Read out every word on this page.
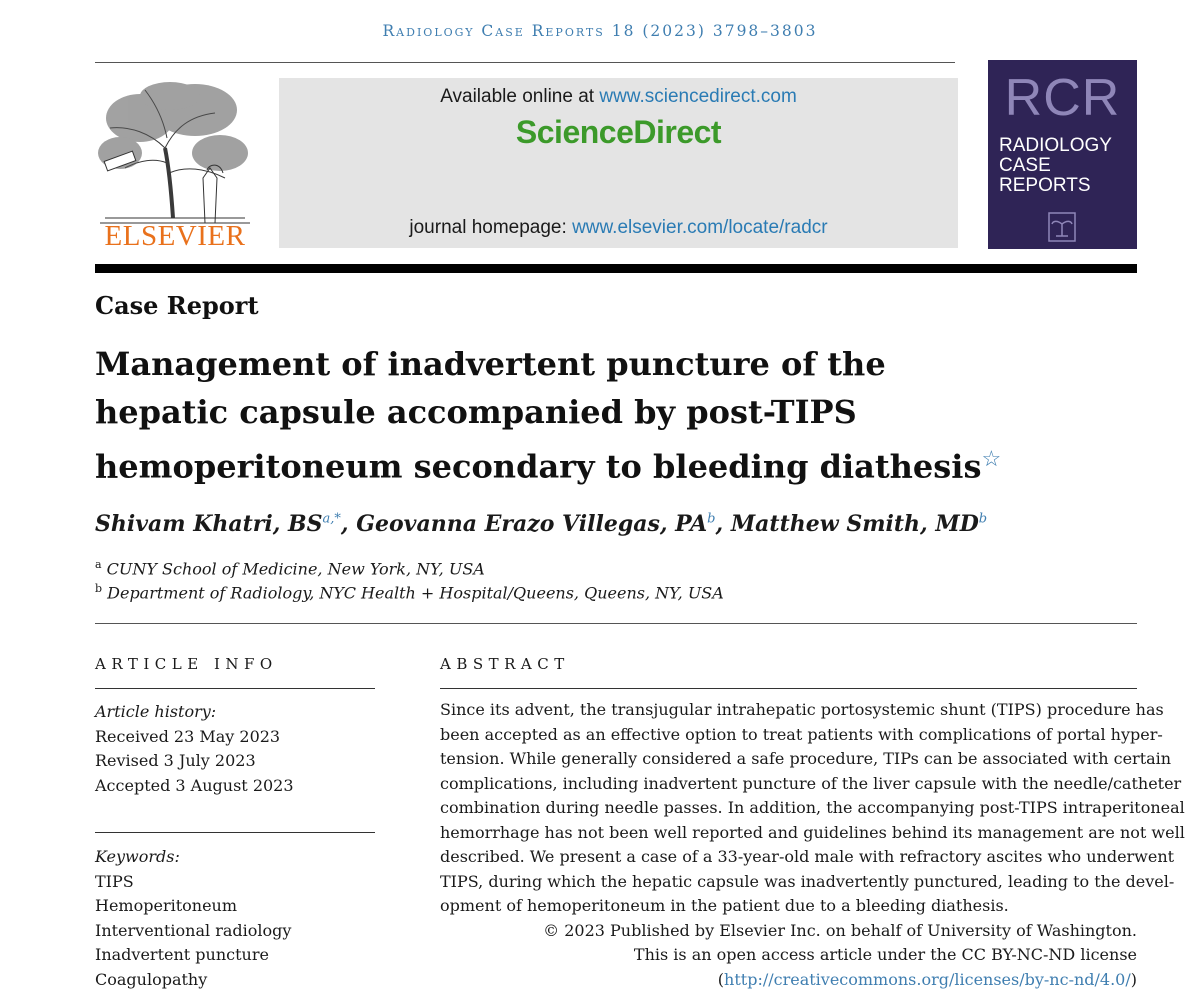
Radiology Case Reports 18 (2023) 3798–3803
ELSEVIER
Available online at www.sciencedirect.com
ScienceDirect
journal homepage: www.elsevier.com/locate/radcr
RCR
RADIOLOGY
CASE
REPORTS
Case Report
Management of inadvertent puncture of the
hepatic capsule accompanied by post-TIPS
hemoperitoneum secondary to bleeding diathesis☆
Shivam Khatri, $BS^{a,*}$, Geovanna Erazo Villegas, $PA^b$, Matthew Smith, $MD^b$
$^a$ CUNY School of Medicine, New York, NY, USA
$^b$ Department of Radiology, NYC Health + Hospital/Queens, Queens, NY, USA
ARTICLE INFO
Article history:
Received 23 May 2023
Revised 3 July 2023
Accepted 3 August 2023
Keywords:
TIPS
Hemoperitoneum
Interventional radiology
Inadvertent puncture
Coagulopathy
ABSTRACT
Since its advent, the transjugular intrahepatic portosystemic shunt (TIPS) procedure has
been accepted as an effective option to treat patients with complications of portal hyper-
tension. While generally considered a safe procedure, TIPs can be associated with certain
complications, including inadvertent puncture of the liver capsule with the needle/catheter
combination during needle passes. In addition, the accompanying post-TIPS intraperitoneal
hemorrhage has not been well reported and guidelines behind its management are not well
described. We present a case of a 33-year-old male with refractory ascites who underwent
TIPS, during which the hepatic capsule was inadvertently punctured, leading to the devel-
opment of hemoperitoneum in the patient due to a bleeding diathesis.
© 2023 Published by Elsevier Inc. on behalf of University of Washington.
This is an open access article under the CC BY-NC-ND license
(http://creativecommons.org/licenses/by-nc-nd/4.0/)
